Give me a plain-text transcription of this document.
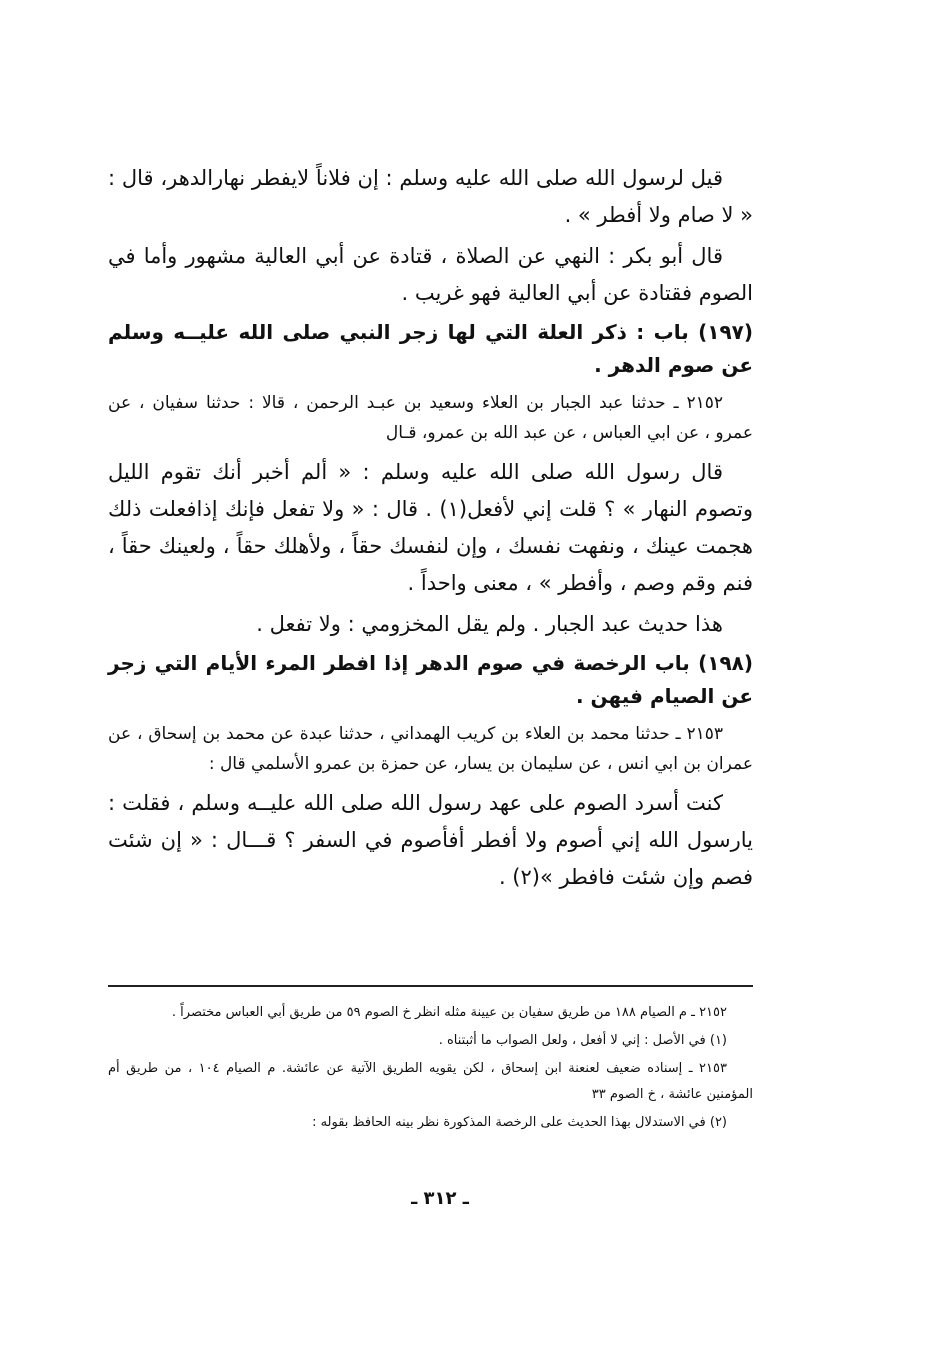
قيل لرسول الله صلى الله عليه وسلم : إن فلاناً لايفطر نهارالدهر، قال : « لا صام ولا أفطر » .

قال أبو بكر : النهي عن الصلاة ، قتادة عن أبي العالية مشهور وأما في الصوم فقتادة عن أبي العالية فهو غريب .

(١٩٧) باب : ذكر العلة التي لها زجر النبي صلى الله عليــه وسلم عن صوم الدهر .

٢١٥٢ ـ حدثنا عبد الجبار بن العلاء وسعيد بن عبـد الرحمن ، قالا : حدثنا سفيان ، عن عمرو ، عن ابي العباس ، عن عبد الله بن عمرو، قـال

قال رسول الله صلى الله عليه وسلم : « ألم أخبر أنك تقوم الليل وتصوم النهار » ؟ قلت إني لأفعل(١) . قال : « ولا تفعل فإنك إذافعلت ذلك هجمت عينك ، ونفهت نفسك ، وإن لنفسك حقاً ، ولأهلك حقاً ، ولعينك حقاً ، فنم وقم وصم ، وأفطر » ، معنى واحداً .

هذا حديث عبد الجبار . ولم يقل المخزومي : ولا تفعل .

(١٩٨) باب الرخصة في صوم الدهر إذا افطر المرء الأيام التي زجر عن الصيام فيهن .

٢١٥٣ ـ حدثنا محمد بن العلاء بن كريب الهمداني ، حدثنا عبدة عن محمد بن إسحاق ، عن عمران بن ابي انس ، عن سليمان بن يسار، عن حمزة بن عمرو الأسلمي قال :

كنت أسرد الصوم على عهد رسول الله صلى الله عليــه وسلم ، فقلت : يارسول الله إني أصوم ولا أفطر أفأصوم في السفر ؟ قـــال : « إن شئت فصم وإن شئت فافطر »(٢) .

٢١٥٢ ـ م الصيام ١٨٨ من طريق سفيان بن عيينة مثله انظر خ الصوم ٥٩ من طريق أبي العباس مختصراً .

(١) في الأصل : إني لا أفعل ، ولعل الصواب ما أثبتناه .

٢١٥٣ ـ إسناده ضعيف لعنعنة ابن إسحاق ، لكن يقويه الطريق الآتية عن عائشة. م الصيام ١٠٤ ، من طريق أم المؤمنين عائشة ، خ الصوم ٣٣

(٢) في الاستدلال بهذا الحديث على الرخصة المذكورة نظر بينه الحافظ بقوله :

ـ ٣١٢ ـ
